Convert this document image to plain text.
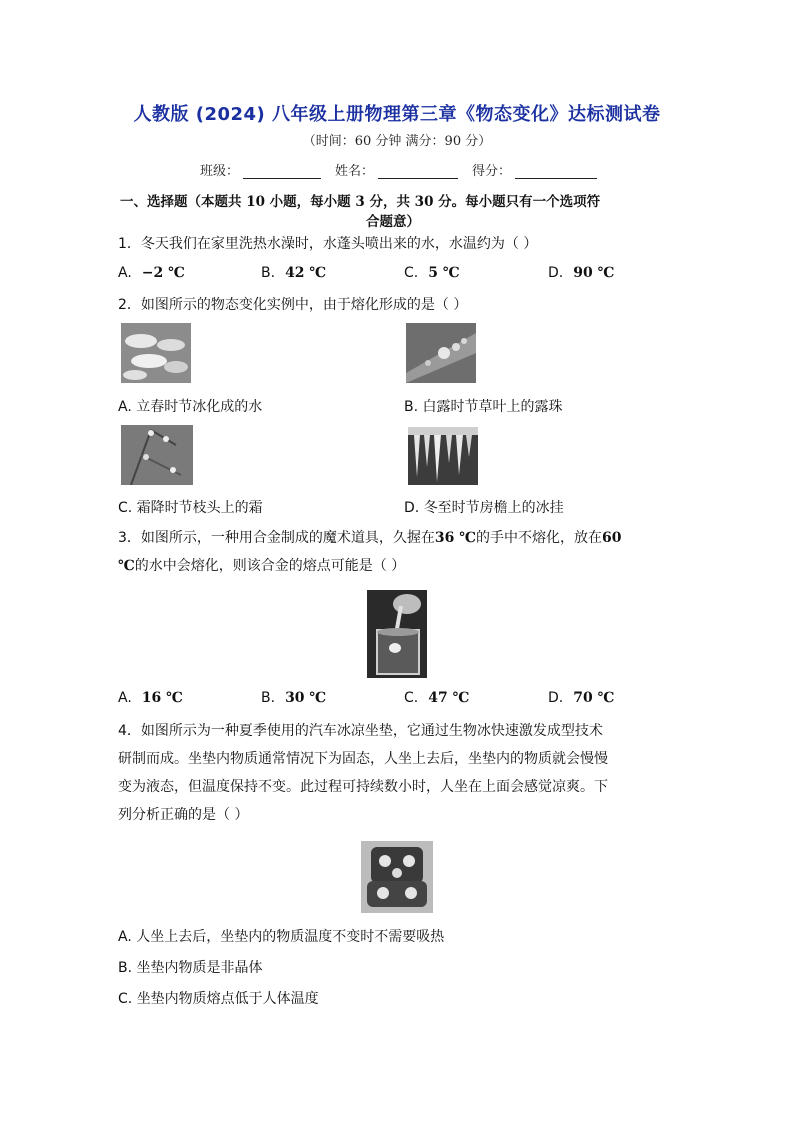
人教版 (2024) 八年级上册物理第三章《物态变化》达标测试卷
（时间：60 分钟 满分：90 分）
班级：	姓名：	得分：
一、选择题（本题共 10 小题，每小题 3 分，共 30 分。每小题只有一个选项符
合题意）
1．冬天我们在家里洗热水澡时，水蓬头喷出来的水，水温约为（ ）
A. −2 ℃	B. 42 ℃	C. 5 ℃	D. 90 ℃
2．如图所示的物态变化实例中，由于熔化形成的是（ ）
A. 立春时节冰化成的水	B. 白露时节草叶上的露珠
C. 霜降时节枝头上的霜	D. 冬至时节房檐上的冰挂
3．如图所示，一种用合金制成的魔术道具，久握在36 ℃的手中不熔化，放在60
℃的水中会熔化，则该合金的熔点可能是（ ）
A. 16 ℃	B. 30 ℃	C. 47 ℃	D. 70 ℃
4．如图所示为一种夏季使用的汽车冰凉坐垫，它通过生物冰快速激发成型技术
研制而成。坐垫内物质通常情况下为固态，人坐上去后，坐垫内的物质就会慢慢
变为液态，但温度保持不变。此过程可持续数小时，人坐在上面会感觉凉爽。下
列分析正确的是（ ）
A. 人坐上去后，坐垫内的物质温度不变时不需要吸热
B. 坐垫内物质是非晶体
C. 坐垫内物质熔点低于人体温度
